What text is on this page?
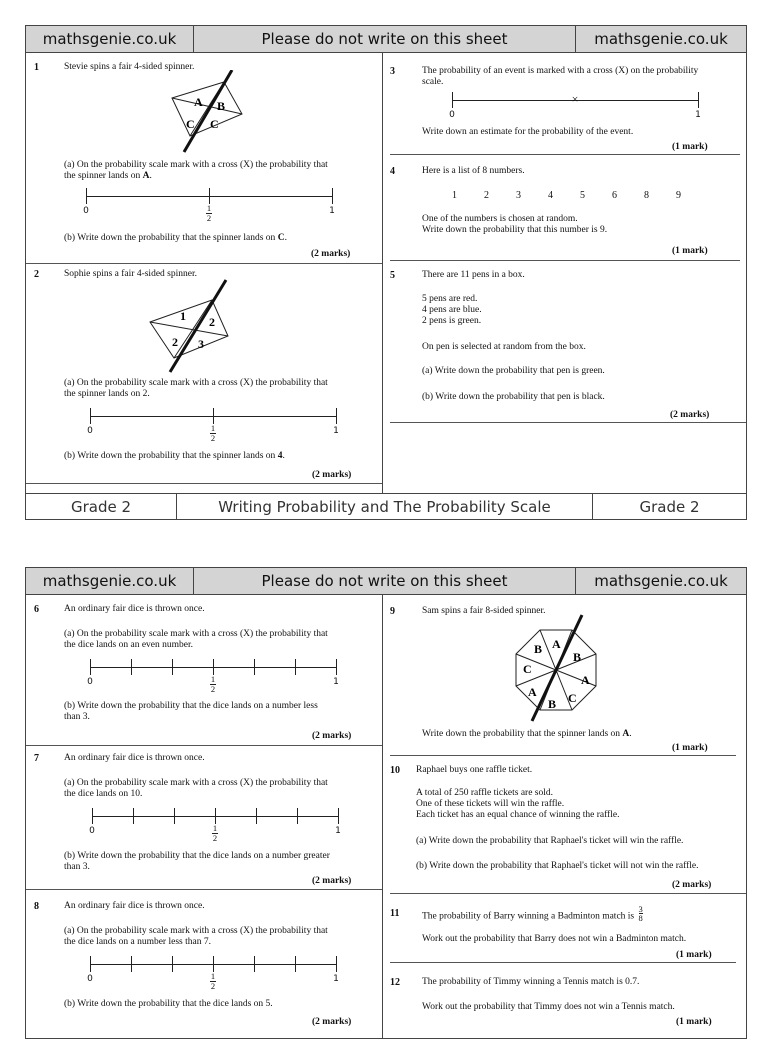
mathsgenie.co.uk	Please do not write on this sheet	mathsgenie.co.uk
1	Stevie spins a fair 4-sided spinner.
A B
C C
(a) On the probability scale mark with a cross (X) the probability that
the spinner lands on A.
0	1
2
1
(b) Write down the probability that the spinner lands on C.
(2 marks)
2	Sophie spins a fair 4-sided spinner.
1 2
2 3
(a) On the probability scale mark with a cross (X) the probability that
the spinner lands on 2.
0	1
2
1
(b) Write down the probability that the spinner lands on 4.
(2 marks)
3	The probability of an event is marked with a cross (X) on the probability
scale.
×
0	1
Write down an estimate for the probability of the event.
(1 mark)
4	Here is a list of 8 numbers.
1	2	3	4	5	6	8	9
One of the numbers is chosen at random.
Write down the probability that this number is 9.
(1 mark)
5	There are 11 pens in a box.
5 pens are red.
4 pens are blue.
2 pens is green.
On pen is selected at random from the box.
(a) Write down the probability that pen is green.
(b) Write down the probability that pen is black.
(2 marks)
Grade 2	Writing Probability and The Probability Scale	Grade 2
mathsgenie.co.uk	Please do not write on this sheet	mathsgenie.co.uk
6	An ordinary fair dice is thrown once.
(a) On the probability scale mark with a cross (X) the probability that
the dice lands on an even number.
0	1
2
1
(b) Write down the probability that the dice lands on a number less
than 3.
(2 marks)
7	An ordinary fair dice is thrown once.
(a) On the probability scale mark with a cross (X) the probability that
the dice lands on 10.
0	1
2
1
(b) Write down the probability that the dice lands on a number greater
than 3.
(2 marks)
8	An ordinary fair dice is thrown once.
(a) On the probability scale mark with a cross (X) the probability that
the dice lands on a number less than 7.
0	1
2
1
(b) Write down the probability that the dice lands on 5.
(2 marks)
9	Sam spins a fair 8-sided spinner.
A
B
A
C
B
A
C
B
Write down the probability that the spinner lands on A.
(1 mark)
10 Raphael buys one raffle ticket.
A total of 250 raffle tickets are sold.
One of these tickets will win the raffle.
Each ticket has an equal chance of winning the raffle.
(a) Write down the probability that Raphael's ticket will win the raffle.
(b) Write down the probability that Raphael's ticket will not win the raffle.
(2 marks)
11 The probability of Barry winning a Badminton match is $\frac{3}{8}$
Work out the probability that Barry does not win a Badminton match.
(1 mark)
12 The probability of Timmy winning a Tennis match is 0.7.
Work out the probability that Timmy does not win a Tennis match.
(1 mark)
